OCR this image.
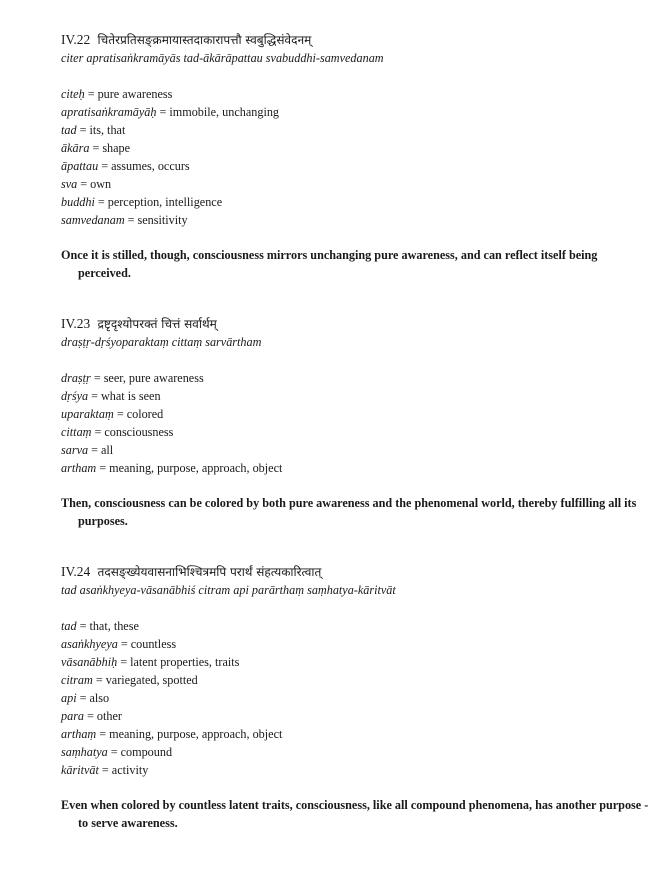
IV.22 चितेरप्रतिसङ्क्रमायास्तदाकारापत्तौ स्वबुद्धिसंवेदनम्
citer apratisaṅkramāyās tad-ākārāpattau svabuddhi-samvedanam
citeḥ = pure awareness
apratisaṅkramāyāḥ = immobile, unchanging
tad = its, that
ākāra = shape
āpattau = assumes, occurs
sva = own
buddhi = perception, intelligence
samvedanam = sensitivity
Once it is stilled, though, consciousness mirrors unchanging pure awareness, and can reflect itself being perceived.
IV.23 द्रष्टृदृश्योपरक्तं चित्तं सर्वार्थम्
draṣṭṛ-dṛśyoparaktaṃ cittaṃ sarvārtham
draṣṭṛ = seer, pure awareness
dṛśya = what is seen
uparaktaṃ = colored
cittaṃ = consciousness
sarva = all
artham = meaning, purpose, approach, object
Then, consciousness can be colored by both pure awareness and the phenomenal world, thereby fulfilling all its purposes.
IV.24 तदसङ्ख्येयवासनाभिश्चित्रमपि परार्थं संहत्यकारित्वात्
tad asaṅkhyeya-vāsanābhiś citram api parārthaṃ saṃhatya-kāritvāt
tad = that, these
asaṅkhyeya = countless
vāsanābhiḥ = latent properties, traits
citram = variegated, spotted
api = also
para = other
arthaṃ = meaning, purpose, approach, object
saṃhatya = compound
kāritvāt = activity
Even when colored by countless latent traits, consciousness, like all compound phenomena, has another purpose - to serve awareness.
